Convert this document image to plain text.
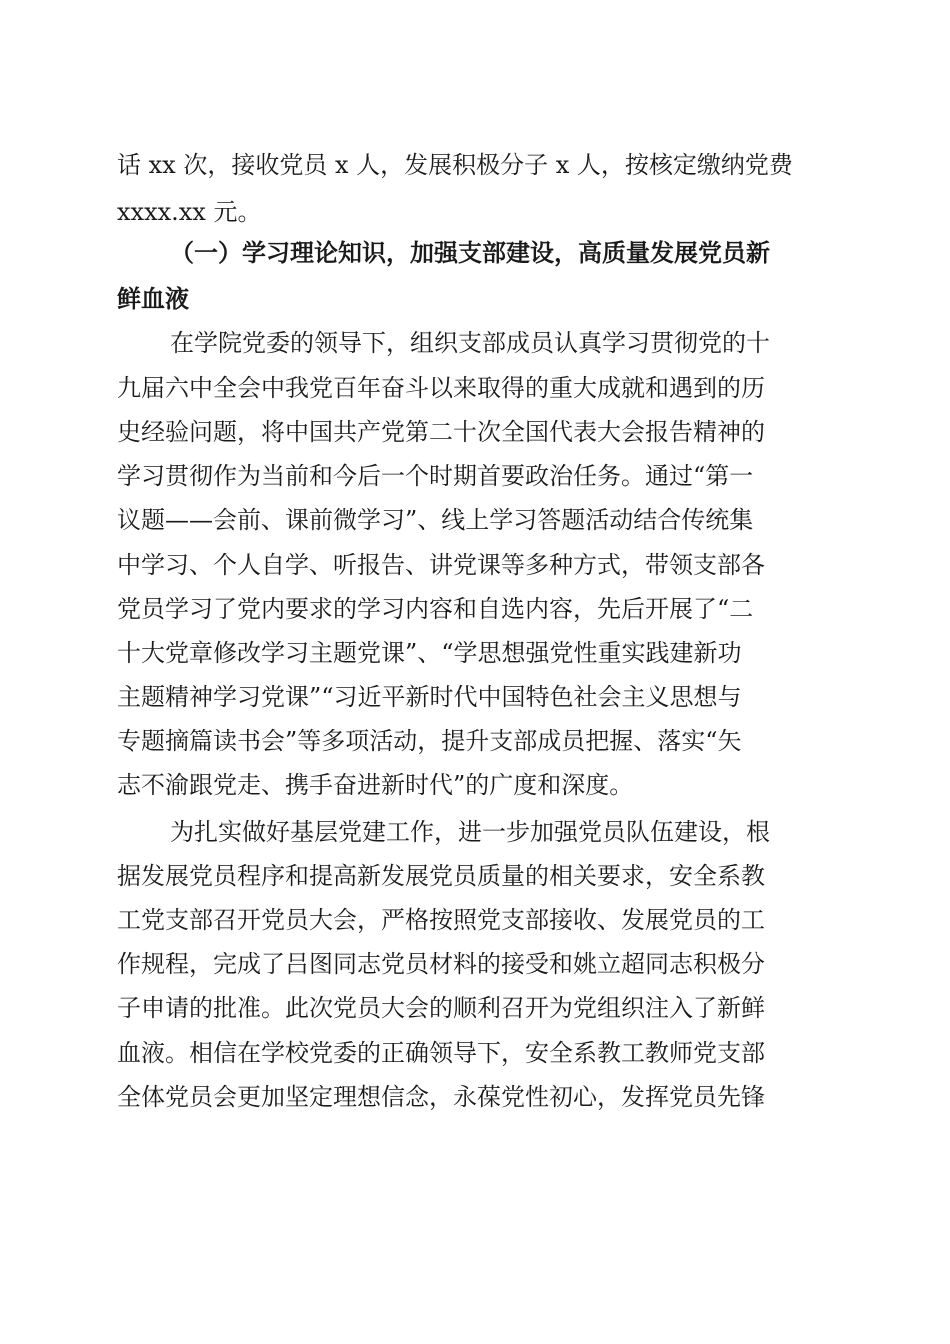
话 xx 次，接收党员 x 人，发展积极分子 x 人，按核定缴纳党费
xxxx.xx 元。
（一）学习理论知识，加强支部建设，高质量发展党员新
鲜血液
在学院党委的领导下，组织支部成员认真学习贯彻党的十
九届六中全会中我党百年奋斗以来取得的重大成就和遇到的历
史经验问题，将中国共产党第二十次全国代表大会报告精神的
学习贯彻作为当前和今后一个时期首要政治任务。通过“第一
议题——会前、课前微学习”、线上学习答题活动结合传统集
中学习、个人自学、听报告、讲党课等多种方式，带领支部各
党员学习了党内要求的学习内容和自选内容，先后开展了“二
十大党章修改学习主题党课”、“学思想强党性重实践建新功
主题精神学习党课”“习近平新时代中国特色社会主义思想与
专题摘篇读书会”等多项活动，提升支部成员把握、落实“矢
志不渝跟党走、携手奋进新时代”的广度和深度。
为扎实做好基层党建工作，进一步加强党员队伍建设，根
据发展党员程序和提高新发展党员质量的相关要求，安全系教
工党支部召开党员大会，严格按照党支部接收、发展党员的工
作规程，完成了吕图同志党员材料的接受和姚立超同志积极分
子申请的批准。此次党员大会的顺利召开为党组织注入了新鲜
血液。相信在学校党委的正确领导下，安全系教工教师党支部
全体党员会更加坚定理想信念，永葆党性初心，发挥党员先锋
